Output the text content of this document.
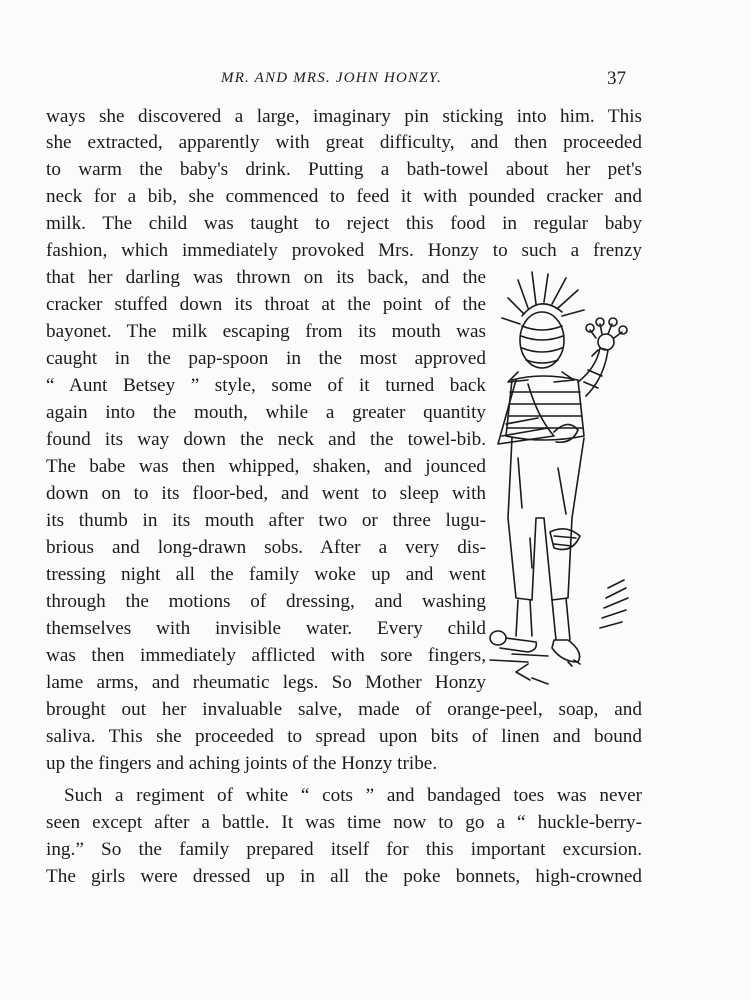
MR. AND MRS. JOHN HONZY.	37
ways she discovered a large, imaginary pin sticking into him. This
she extracted, apparently with great difficulty, and then proceeded
to warm the baby's drink. Putting a bath-towel about her pet's
neck for a bib, she commenced to feed it with pounded cracker and
milk. The child was taught to reject this food in regular baby
fashion, which immediately provoked Mrs. Honzy to such a frenzy
that her darling was thrown on its back, and the
cracker stuffed down its throat at the point of the
bayonet. The milk escaping from its mouth was
caught in the pap-spoon in the most approved
“ Aunt Betsey ” style, some of it turned back
again into the mouth, while a greater quantity
found its way down the neck and the towel-bib.
The babe was then whipped, shaken, and jounced
down on to its floor-bed, and went to sleep with
its thumb in its mouth after two or three lugu-
brious and long-drawn sobs. After a very dis-
tressing night all the family woke up and went
through the motions of dressing, and washing
themselves with invisible water. Every child
was then immediately afflicted with sore fingers,
lame arms, and rheumatic legs. So Mother Honzy
brought out her invaluable salve, made of orange-peel, soap, and
saliva. This she proceeded to spread upon bits of linen and bound
up the fingers and aching joints of the Honzy tribe.
Such a regiment of white “ cots ” and bandaged toes was never
seen except after a battle. It was time now to go a “ huckle-berry-
ing.” So the family prepared itself for this important excursion.
The girls were dressed up in all the poke bonnets, high-crowned
